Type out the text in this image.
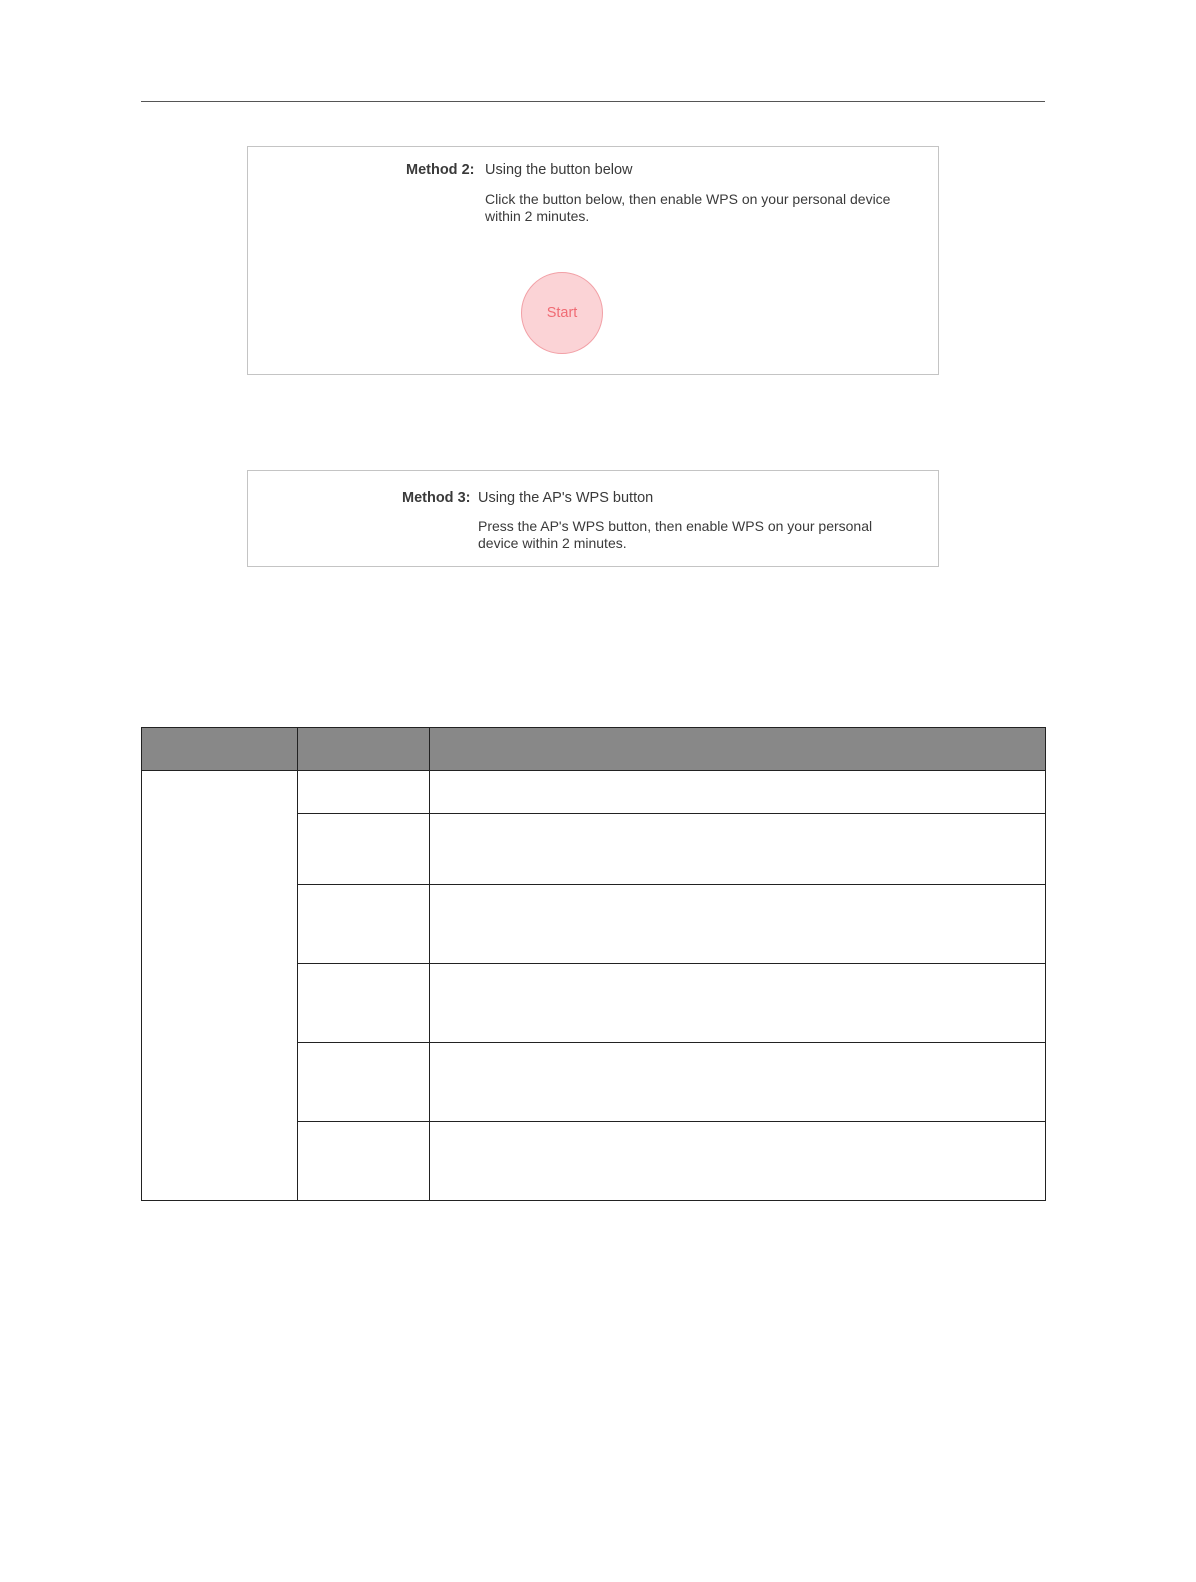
Method 2: Using the button below
Click the button below, then enable WPS on your personal device within 2 minutes.
Start
Method 3: Using the AP's WPS button
Press the AP's WPS button, then enable WPS on your personal device within 2 minutes.
